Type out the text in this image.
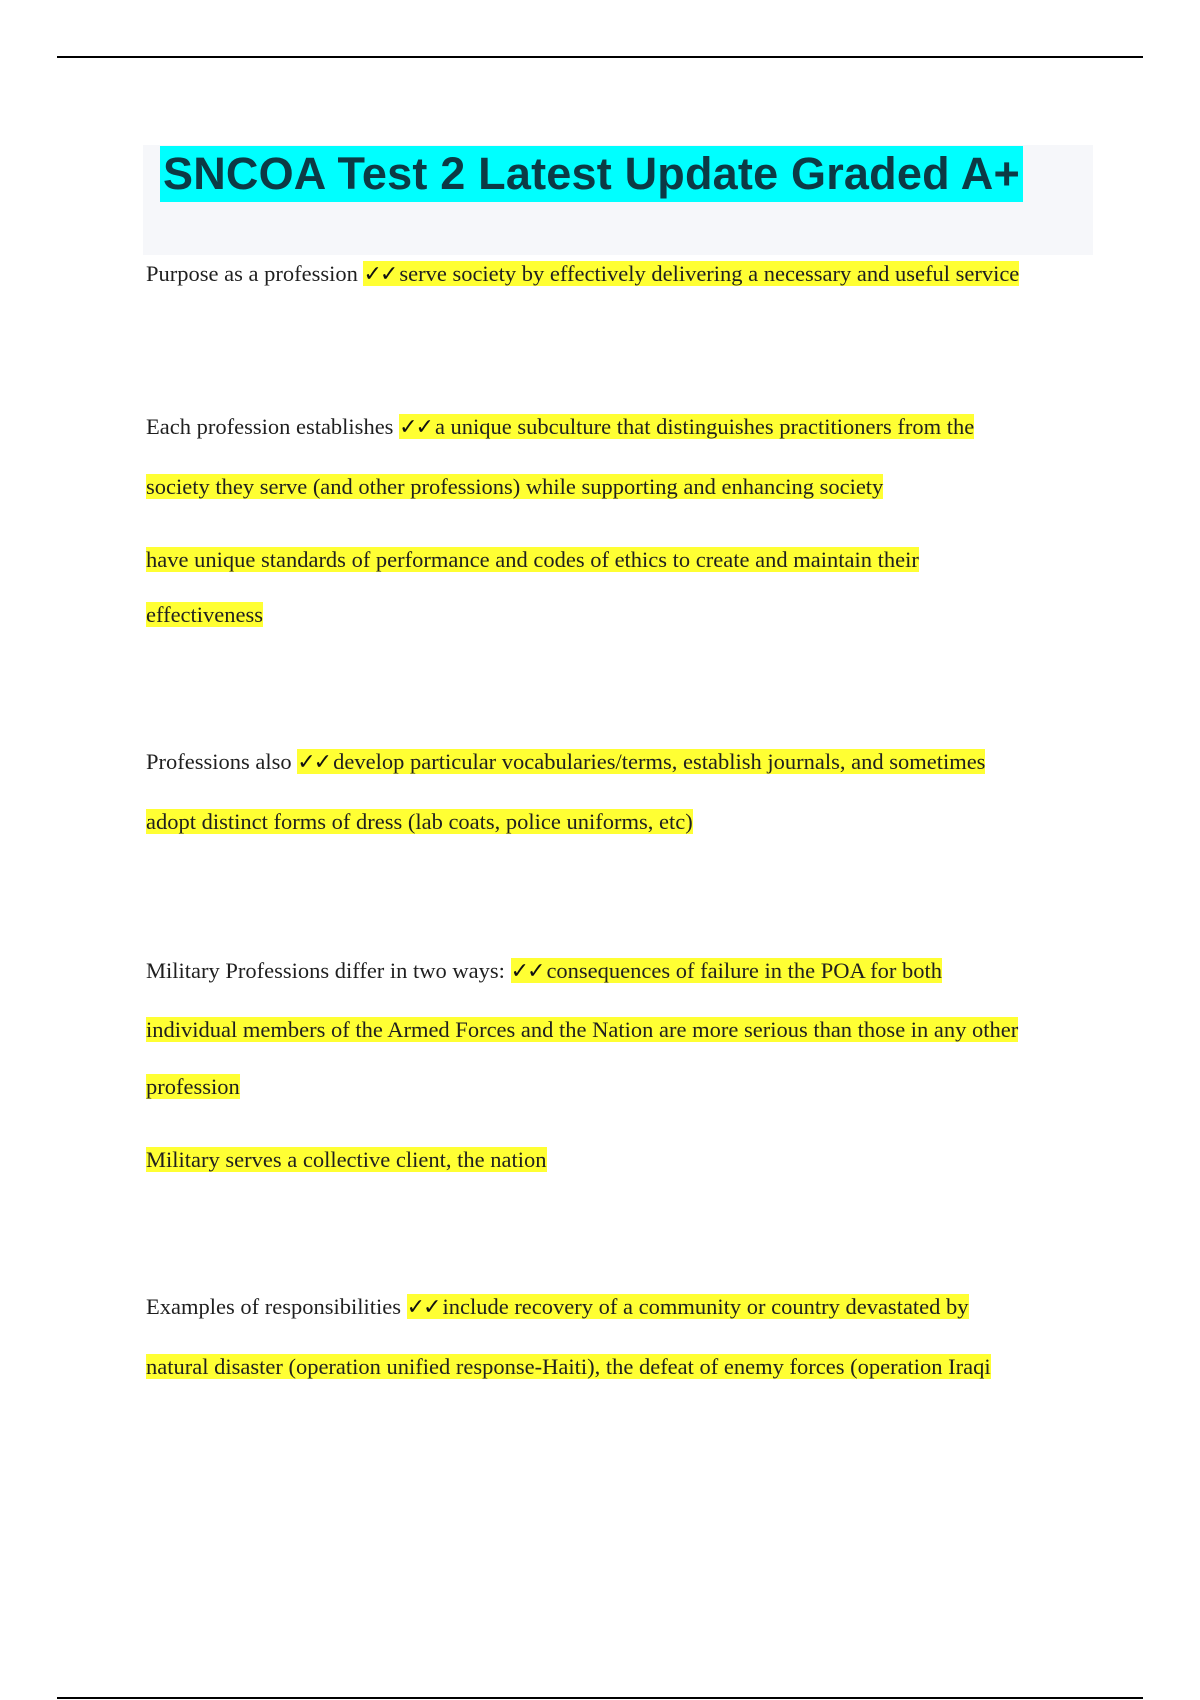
SNCOA Test 2 Latest Update Graded A+
Purpose as a profession ✓✓ serve society by effectively delivering a necessary and useful service
Each profession establishes ✓✓ a unique subculture that distinguishes practitioners from the
society they serve (and other professions) while supporting and enhancing society
have unique standards of performance and codes of ethics to create and maintain their
effectiveness
Professions also ✓✓ develop particular vocabularies/terms, establish journals, and sometimes
adopt distinct forms of dress (lab coats, police uniforms, etc)
Military Professions differ in two ways: ✓✓ consequences of failure in the POA for both
individual members of the Armed Forces and the Nation are more serious than those in any other
profession
Military serves a collective client, the nation
Examples of responsibilities ✓✓ include recovery of a community or country devastated by
natural disaster (operation unified response-Haiti), the defeat of enemy forces (operation Iraqi
